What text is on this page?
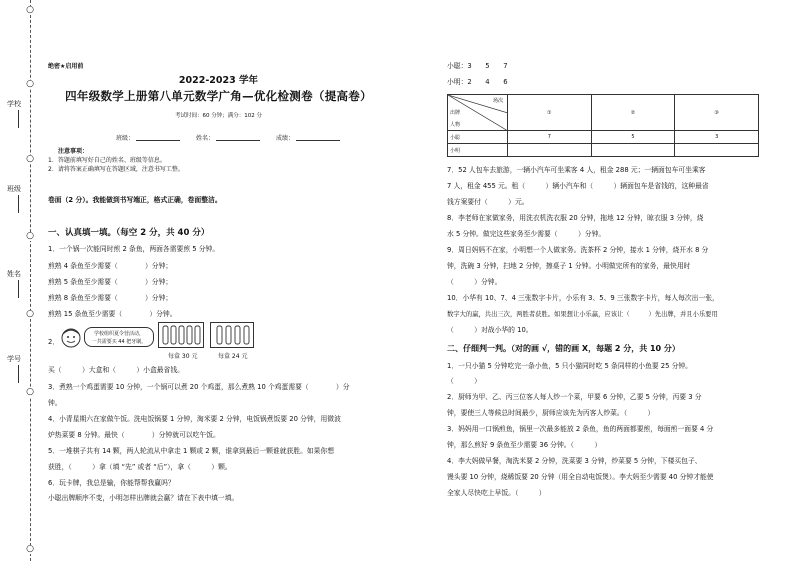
○
○
○
○
○
○
○
学校
班级
姓名
学号
绝密★启用前
2022-2023 学年
四年级数学上册第八单元数学广角—优化检测卷（提高卷）
考试时间：60 分钟；满分：102 分
班级：	姓名：	成绩：
注意事项：
1．答题前填写好自己的姓名、班级等信息。
2．请将答案正确填写在答题区域，注意书写工整。
卷面（2 分）。我能做到书写端正，格式正确，卷面整洁。
一、认真填一填。（每空 2 分，共 40 分）
1．一个锅一次能同时煎 2 条鱼，两面各需要煎 5 分钟。
煎熟 4 条鱼至少需要（　　　　）分钟；
煎熟 5 条鱼至少需要（　　　　）分钟；
煎熟 8 条鱼至少需要（　　　　）分钟；
煎熟 15 条鱼至少需要（　　　　）分钟。
2．
学校组织夏令营活动，
一共需要买 44 把牙刷。
每盒 30 元	每盒 24 元
买（　　　）大盒和（　　　）小盒最省钱。
3．煮熟一个鸡蛋需要 10 分钟，一个锅可以煮 20 个鸡蛋，那么煮熟 10 个鸡蛋需要（　　　　）分
钟。
4．小青星期六在家做午饭。洗电饭锅要 1 分钟，淘米要 2 分钟，电饭锅煮饭要 20 分钟，用微波
炉热菜要 8 分钟。最快（　　　　）分钟就可以吃午饭。
5．一堆棋子共有 14 颗，两人轮流从中拿走 1 颗或 2 颗，谁拿到最后一颗谁就获胜。如果你想
获胜，（　　　）拿（填 “先” 或者 “后”），拿（　　　）颗。
6．玩卡牌，我总是输，你能帮帮我赢吗？
小聪出牌顺序不变，小明怎样出牌就会赢？请在下表中填一填。
小聪：3　　5　　7
小明：2　　4　　6
场次
出牌
人物	①	②	③
小聪	7	5	3
小明			
7．52 人包车去旅游，一辆小汽车可坐乘客 4 人，租金 288 元；一辆面包车可坐乘客
7 人，租金 455 元。租（　　　）辆小汽车和（　　　）辆面包车是省钱的，这种最省
钱方案要付（　　　）元。
8．李老师在家做家务，用洗衣机洗衣服 20 分钟，拖地 12 分钟，晾衣服 3 分钟，烧
水 5 分钟。做完这些家务至少需要（　　　）分钟。
9．周日妈妈不在家，小明想一个人做家务。洗茶杯 2 分钟，接水 1 分钟，烧开水 8 分
钟，洗碗 3 分钟，扫地 2 分钟，擦桌子 1 分钟。小明做完所有的家务，最快用时
（　　　）分钟。
10．小华有 10、7、4 三张数字卡片，小乐有 3、5、9 三张数字卡片，每人每次出一张，
数字大的赢，共出三次，两胜者获胜。如果想让小乐赢，应该让（　　　）先出牌，并且小乐要用
（　　　）对战小华的 10。
二、仔细判一判。（对的画 √，错的画 X，每题 2 分，共 10 分）
1．一只小猫 5 分钟吃完一条小鱼，5 只小猫同时吃 5 条同样的小鱼要 25 分钟。
（　　　）
2．厨师为甲、乙、丙三位客人每人炒一个菜，甲要 6 分钟，乙要 5 分钟，丙要 3 分
钟，要使三人等候总时间最少，厨师应该先为丙客人炒菜。（　　　）
3．妈妈用一口锅煎鱼，锅里一次最多能放 2 条鱼，鱼的两面都要煎，每面煎一面要 4 分
钟，那么煎好 9 条鱼至少需要 36 分钟。（　　　）
4．李大妈做早餐，淘洗米要 2 分钟，洗菜要 3 分钟，炒菜要 5 分钟，下楼买包子、
馒头要 10 分钟，烧稀饭要 20 分钟（用全自动电饭煲）。李大妈至少需要 40 分钟才能使
全家人尽快吃上早饭。（　　　）
